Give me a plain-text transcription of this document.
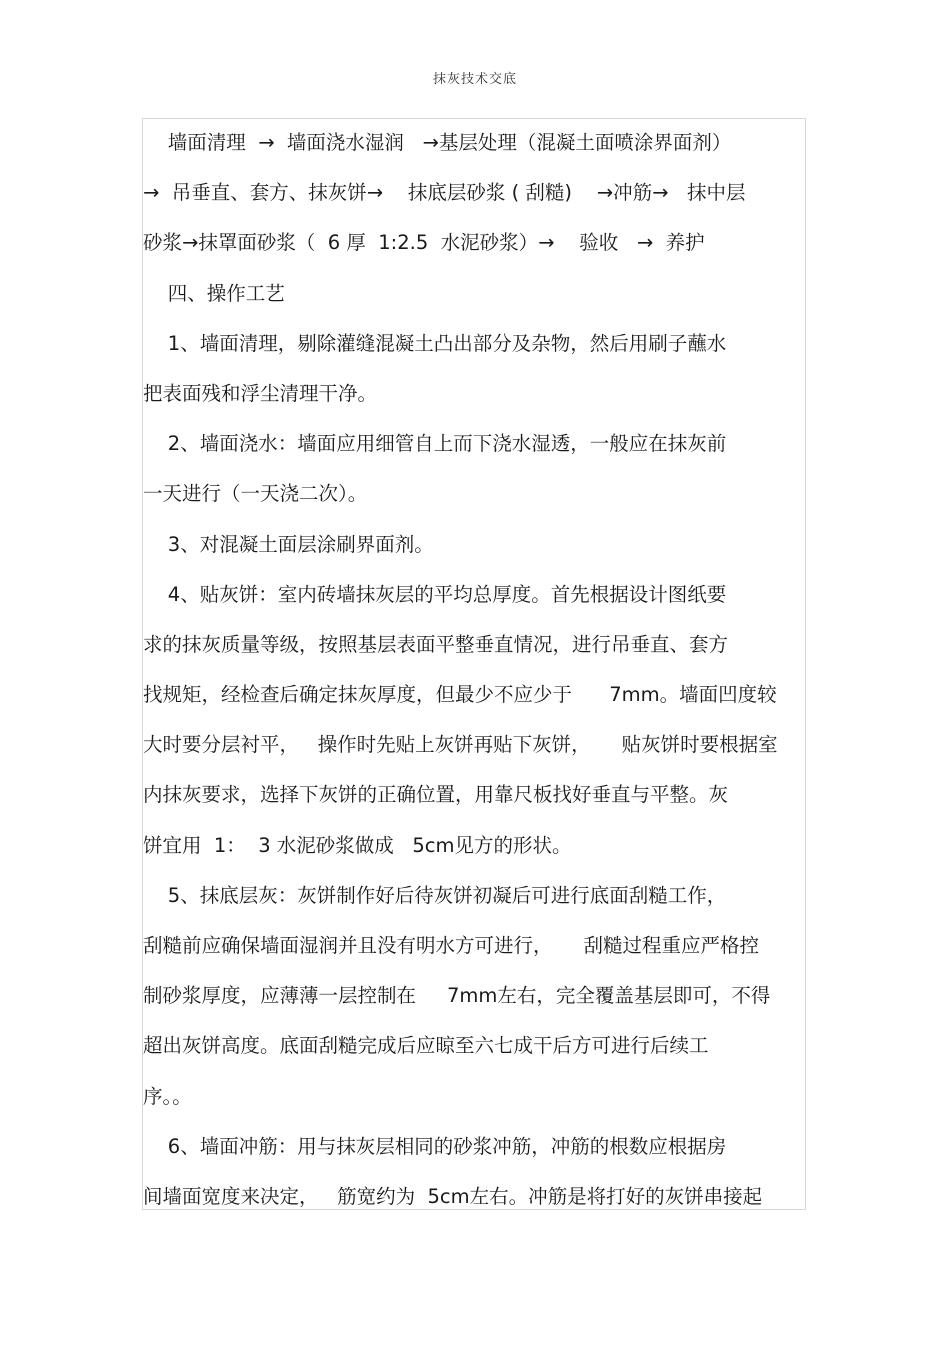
抹灰技术交底
墙面清理  →  墙面浇水湿润   →基层处理（混凝土面喷涂界面剂）
→  吊垂直、套方、抹灰饼→    抹底层砂浆 ( 刮糙)    →冲筋→   抹中层
砂浆→抹罩面砂浆（  6 厚  1:2.5  水泥砂浆）→    验收   →  养护
四、操作工艺
1、墙面清理，剔除灌缝混凝土凸出部分及杂物，然后用刷子蘸水
把表面残和浮尘清理干净。
2、墙面浇水：墙面应用细管自上而下浇水湿透，一般应在抹灰前
一天进行（一天浇二次）。
3、对混凝土面层涂刷界面剂。
4、贴灰饼：室内砖墙抹灰层的平均总厚度。首先根据设计图纸要
求的抹灰质量等级，按照基层表面平整垂直情况，进行吊垂直、套方
找规矩，经检查后确定抹灰厚度，但最少不应少于      7mm。墙面凹度较
大时要分层衬平，   操作时先贴上灰饼再贴下灰饼，     贴灰饼时要根据室
内抹灰要求，选择下灰饼的正确位置，用靠尺板找好垂直与平整。灰
饼宜用  1：  3 水泥砂浆做成   5cm见方的形状。
5、抹底层灰：灰饼制作好后待灰饼初凝后可进行底面刮糙工作，
刮糙前应确保墙面湿润并且没有明水方可进行，     刮糙过程重应严格控
制砂浆厚度，应薄薄一层控制在     7mm左右，完全覆盖基层即可，不得
超出灰饼高度。底面刮糙完成后应晾至六七成干后方可进行后续工
序。。
6、墙面冲筋：用与抹灰层相同的砂浆冲筋，冲筋的根数应根据房
间墙面宽度来决定，   筋宽约为  5cm左右。冲筋是将打好的灰饼串接起
